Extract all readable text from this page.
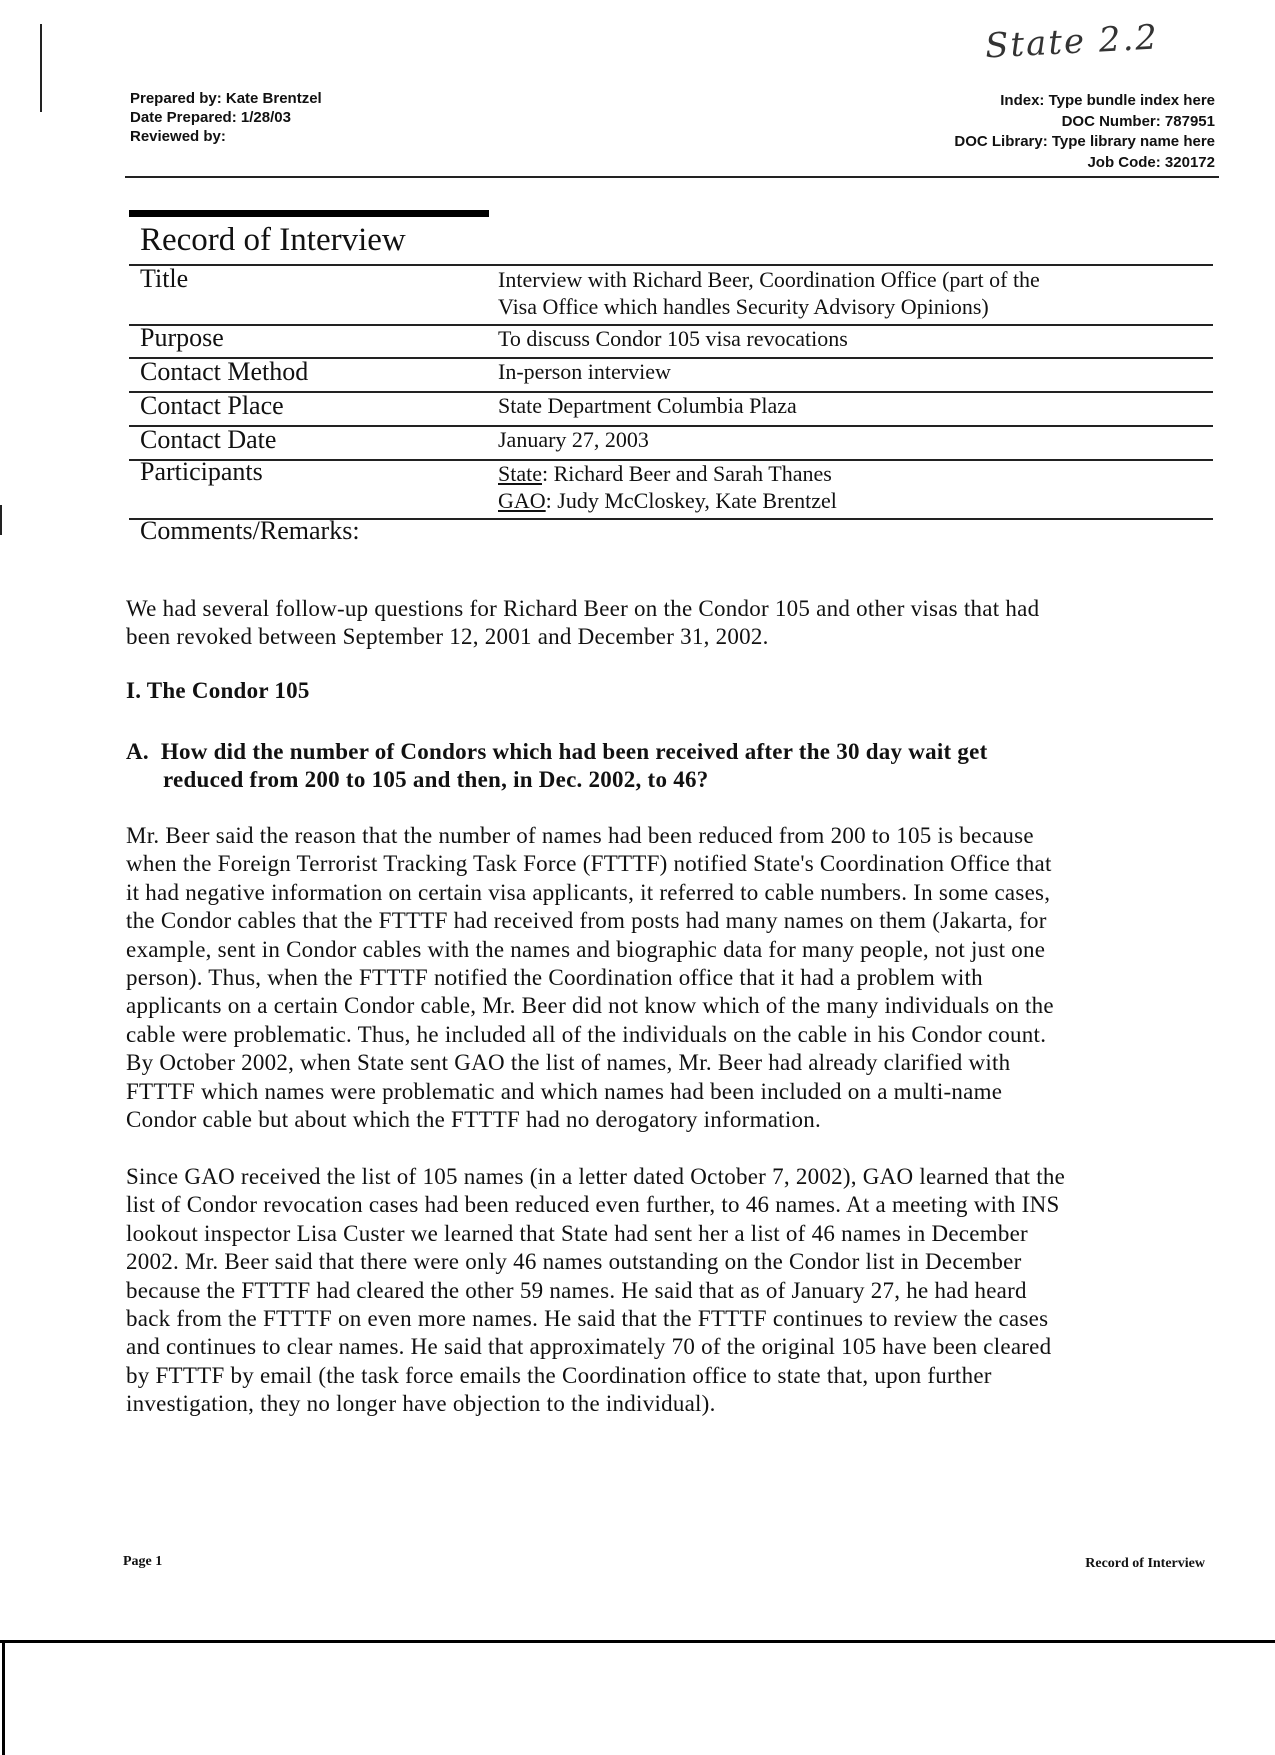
State 2.2
Prepared by: Kate Brentzel
Date Prepared: 1/28/03
Reviewed by:
Index: Type bundle index here
DOC Number: 787951
DOC Library: Type library name here
Job Code: 320172
Record of Interview
Title	Interview with Richard Beer, Coordination Office (part of the
Visa Office which handles Security Advisory Opinions)
Purpose	To discuss Condor 105 visa revocations
Contact Method	In-person interview
Contact Place	State Department Columbia Plaza
Contact Date	January 27, 2003
Participants	State: Richard Beer and Sarah Thanes
GAO: Judy McCloskey, Kate Brentzel
Comments/Remarks:
We had several follow-up questions for Richard Beer on the Condor 105 and other visas that had
been revoked between September 12, 2001 and December 31, 2002.
I. The Condor 105
A.  How did the number of Condors which had been received after the 30 day wait get
reduced from 200 to 105 and then, in Dec. 2002, to 46?
Mr. Beer said the reason that the number of names had been reduced from 200 to 105 is because
when the Foreign Terrorist Tracking Task Force (FTTTF) notified State's Coordination Office that
it had negative information on certain visa applicants, it referred to cable numbers. In some cases,
the Condor cables that the FTTTF had received from posts had many names on them (Jakarta, for
example, sent in Condor cables with the names and biographic data for many people, not just one
person). Thus, when the FTTTF notified the Coordination office that it had a problem with
applicants on a certain Condor cable, Mr. Beer did not know which of the many individuals on the
cable were problematic. Thus, he included all of the individuals on the cable in his Condor count.
By October 2002, when State sent GAO the list of names, Mr. Beer had already clarified with
FTTTF which names were problematic and which names had been included on a multi-name
Condor cable but about which the FTTTF had no derogatory information.
Since GAO received the list of 105 names (in a letter dated October 7, 2002), GAO learned that the
list of Condor revocation cases had been reduced even further, to 46 names. At a meeting with INS
lookout inspector Lisa Custer we learned that State had sent her a list of 46 names in December
2002. Mr. Beer said that there were only 46 names outstanding on the Condor list in December
because the FTTTF had cleared the other 59 names. He said that as of January 27, he had heard
back from the FTTTF on even more names. He said that the FTTTF continues to review the cases
and continues to clear names. He said that approximately 70 of the original 105 have been cleared
by FTTTF by email (the task force emails the Coordination office to state that, upon further
investigation, they no longer have objection to the individual).
Page 1	Record of Interview
